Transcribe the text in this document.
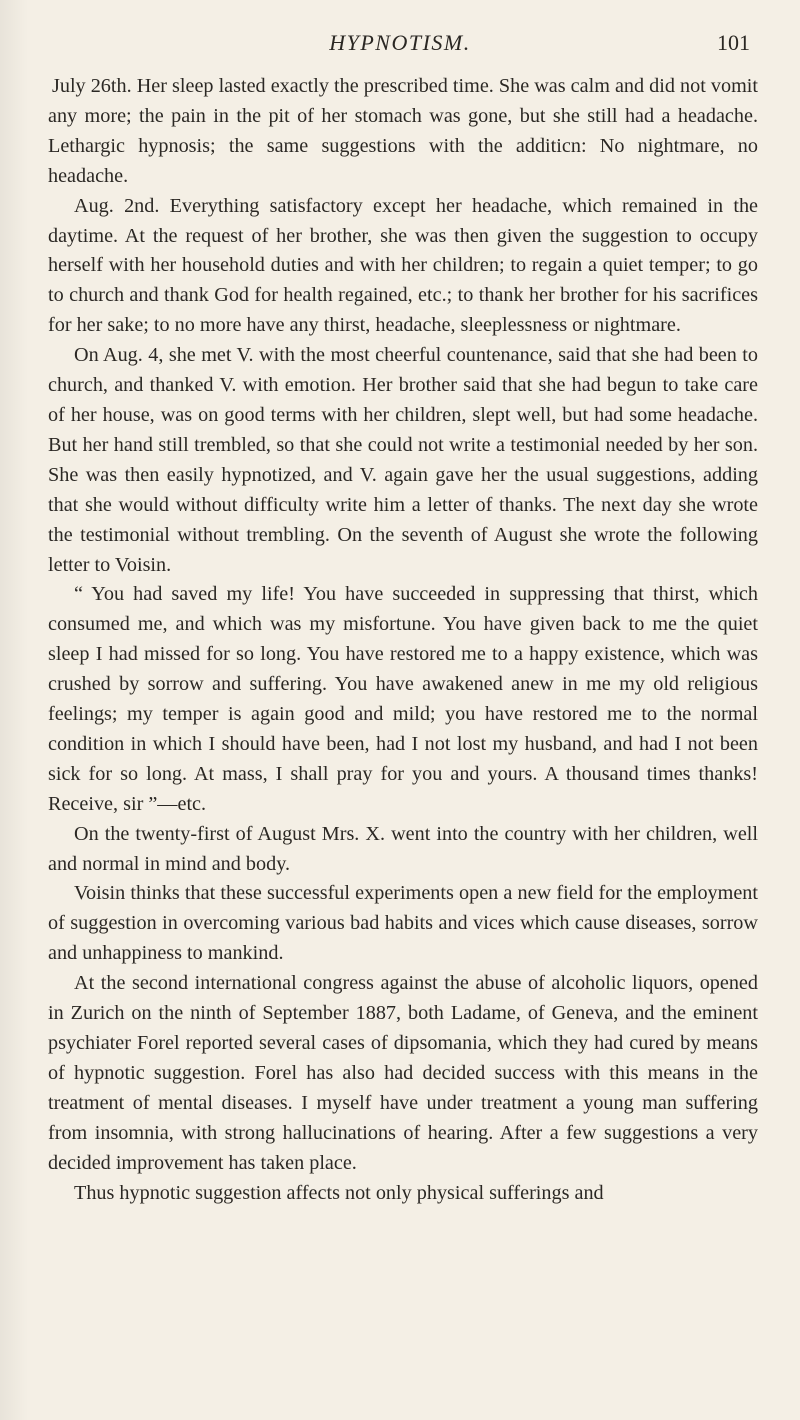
HYPNOTISM.	101

July 26th. Her sleep lasted exactly the prescribed time. She was calm and did not vomit any more; the pain in the pit of her stomach was gone, but she still had a headache. Lethargic hypnosis; the same suggestions with the additicn: No nightmare, no headache.

Aug. 2nd. Everything satisfactory except her headache, which remained in the daytime. At the request of her brother, she was then given the suggestion to occupy herself with her household duties and with her children; to regain a quiet temper; to go to church and thank God for health regained, etc.; to thank her brother for his sacrifices for her sake; to no more have any thirst, headache, sleeplessness or nightmare.

On Aug. 4, she met V. with the most cheerful countenance, said that she had been to church, and thanked V. with emotion. Her brother said that she had begun to take care of her house, was on good terms with her children, slept well, but had some headache. But her hand still trembled, so that she could not write a testimonial needed by her son. She was then easily hypnotized, and V. again gave her the usual suggestions, adding that she would without difficulty write him a letter of thanks. The next day she wrote the testimonial without trembling. On the seventh of August she wrote the following letter to Voisin.

“ You had saved my life! You have succeeded in suppressing that thirst, which consumed me, and which was my misfortune. You have given back to me the quiet sleep I had missed for so long. You have restored me to a happy existence, which was crushed by sorrow and suffering. You have awakened anew in me my old religious feelings; my temper is again good and mild; you have restored me to the normal condition in which I should have been, had I not lost my husband, and had I not been sick for so long. At mass, I shall pray for you and yours. A thousand times thanks! Receive, sir ”—etc.

On the twenty-first of August Mrs. X. went into the country with her children, well and normal in mind and body.

Voisin thinks that these successful experiments open a new field for the employment of suggestion in overcoming various bad habits and vices which cause diseases, sorrow and unhappiness to mankind.

At the second international congress against the abuse of alcoholic liquors, opened in Zurich on the ninth of September 1887, both Ladame, of Geneva, and the eminent psychiater Forel reported several cases of dipsomania, which they had cured by means of hypnotic suggestion. Forel has also had decided success with this means in the treatment of mental diseases. I myself have under treatment a young man suffering from insomnia, with strong hallucinations of hearing. After a few suggestions a very decided improvement has taken place.

Thus hypnotic suggestion affects not only physical sufferings and
